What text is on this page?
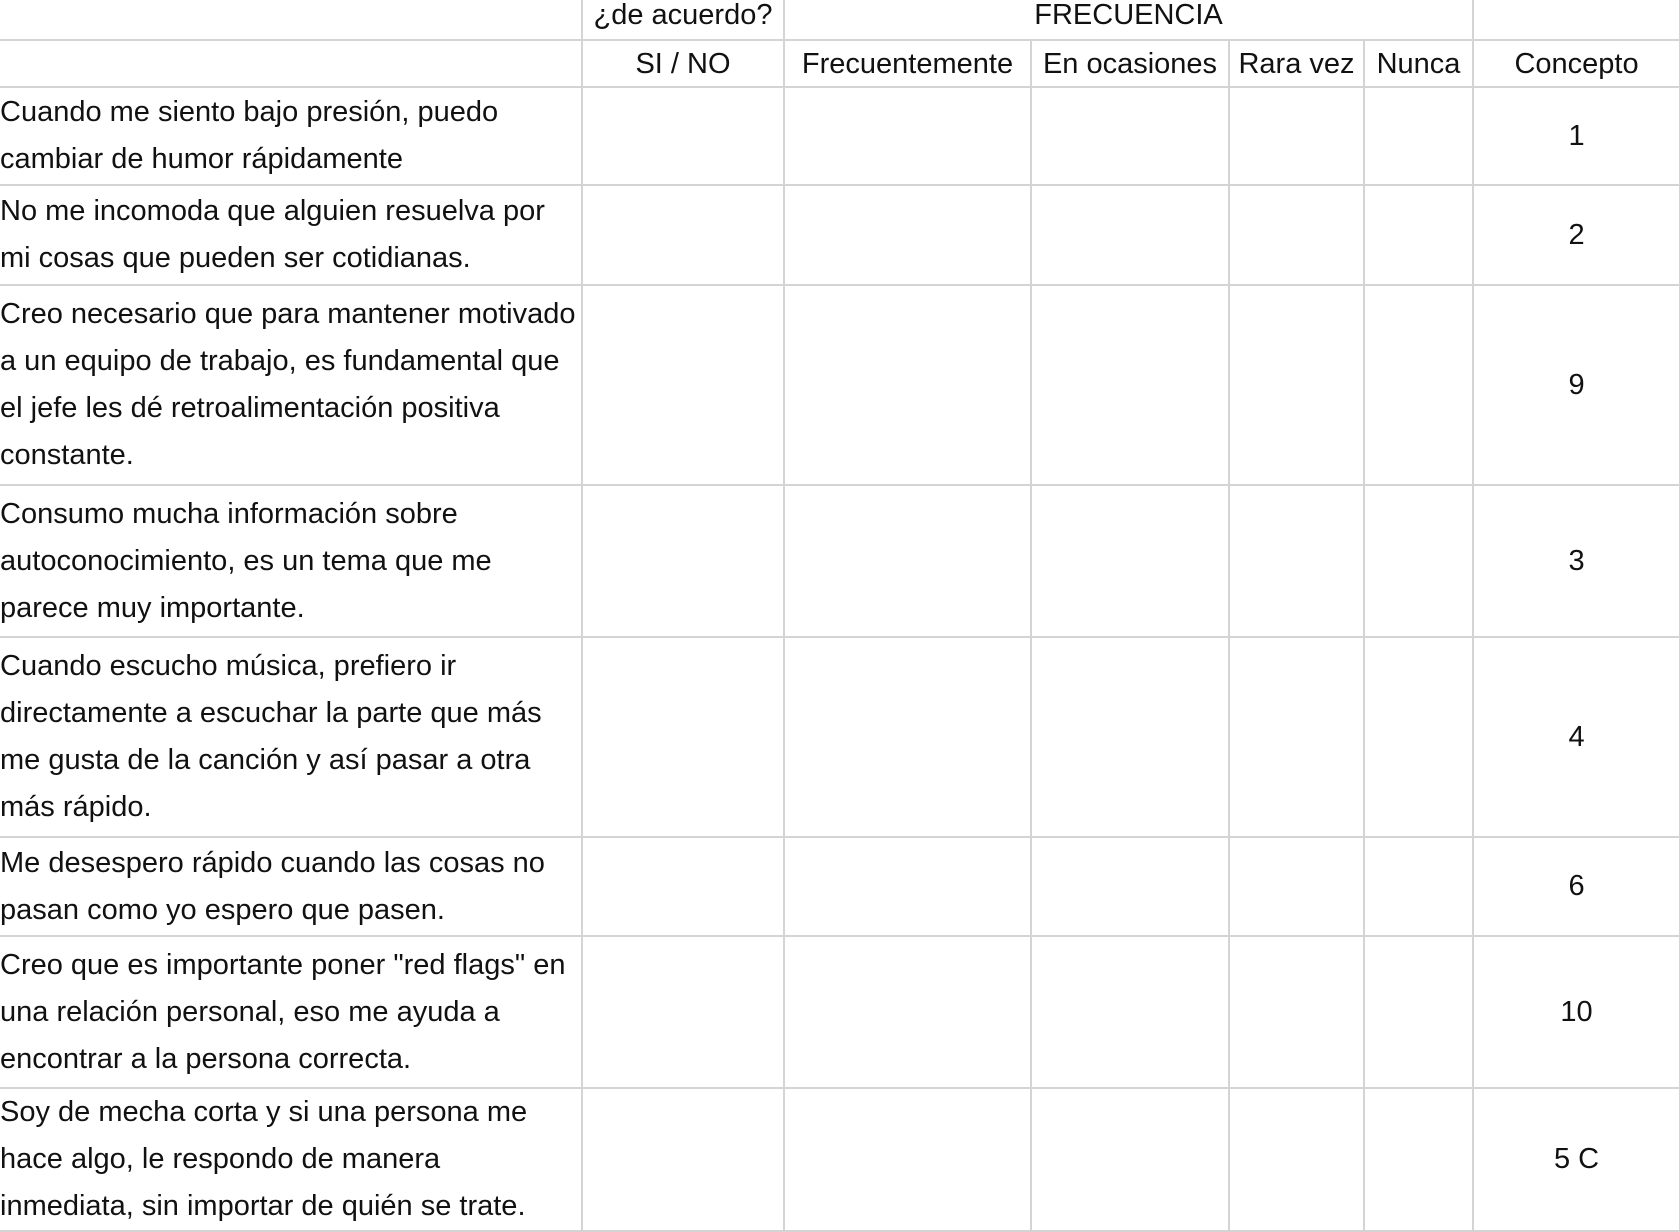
	¿de acuerdo?	FRECUENCIA				
	SI / NO	Frecuentemente	En ocasiones	Rara vez	Nunca	Concepto
Cuando me siento bajo presión, puedo cambiar de humor rápidamente						1
No me incomoda que alguien resuelva por mi cosas que pueden ser cotidianas.						2
Creo necesario que para mantener motivado a un equipo de trabajo, es fundamental que el jefe les dé retroalimentación positiva constante.						9
Consumo mucha información sobre autoconocimiento, es un tema que me parece muy importante.						3
Cuando escucho música, prefiero ir directamente a escuchar la parte que más me gusta de la canción y así pasar a otra más rápido.						4
Me desespero rápido cuando las cosas no pasan como yo espero que pasen.						6
Creo que es importante poner "red flags" en una relación personal, eso me ayuda a encontrar a la persona correcta.						10
Soy de mecha corta y si una persona me hace algo, le respondo de manera inmediata, sin importar de quién se trate.						5 C
